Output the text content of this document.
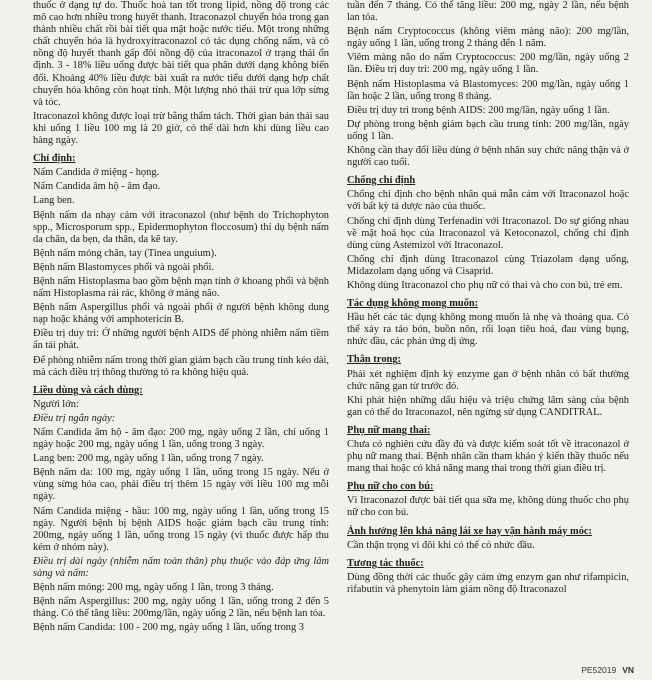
thuốc ở dạng tự do. Thuốc hoà tan tốt trong lipid, nồng độ trong các mô cao hơn nhiều trong huyết thanh. Itraconazol chuyển hóa trong gan thành nhiều chất rồi bài tiết qua mật hoặc nước tiểu. Một trong những chất chuyển hóa là hydroxyitraconazol có tác dụng chống nấm, và có nồng độ huyết thanh gấp đôi nồng độ của itraconazol ở trạng thái ổn định. 3 - 18% liều uống được bài tiết qua phân dưới dạng không biến đổi. Khoảng 40% liều được bài xuất ra nước tiểu dưới dạng hợp chất chuyển hóa không còn hoạt tính. Một lượng nhỏ thải trừ qua lớp sừng và tóc.
Itraconazol không được loại trừ bằng thẩm tách. Thời gian bán thải sau khi uống 1 liều 100 mg là 20 giờ, có thể dài hơn khi dùng liều cao hàng ngày.
Chỉ định:
Nấm Candida ở miệng - họng.
Nấm Candida âm hộ - âm đạo.
Lang ben.
Bệnh nấm da nhạy cảm với itraconazol (như bệnh do Trichophyton spp., Microsporum spp., Epidermophyton floccosum) thí dụ bệnh nấm da chân, da bẹn, da thân, da kẽ tay.
Bệnh nấm móng chân, tay (Tinea unguium).
Bệnh nấm Blastomyces phổi và ngoài phổi.
Bệnh nấm Histoplasma bao gồm bệnh mạn tính ở khoang phổi và bệnh nấm Histoplasma rải rác, không ở màng não.
Bệnh nấm Aspergillus phổi và ngoài phổi ở người bệnh không dung nạp hoặc kháng với amphotericin B.
Điều trị duy trì: Ở những người bệnh AIDS để phòng nhiễm nấm tiềm ẩn tái phát.
Để phòng nhiễm nấm trong thời gian giảm bạch cầu trung tính kéo dài, mà cách điều trị thông thường tỏ ra không hiệu quả.
Liều dùng và cách dùng:
Người lớn:
Điều trị ngắn ngày:
Nấm Candida âm hộ - âm đạo: 200 mg, ngày uống 2 lần, chỉ uống 1 ngày hoặc 200 mg, ngày uống 1 lần, uống trong 3 ngày.
Lang ben: 200 mg, ngày uống 1 lần, uống trong 7 ngày.
Bệnh nấm da: 100 mg, ngày uống 1 lần, uống trong 15 ngày. Nếu ở vùng sừng hóa cao, phải điều trị thêm 15 ngày với liều 100 mg mỗi ngày.
Nấm Candida miệng - hầu: 100 mg, ngày uống 1 lần, uống trong 15 ngày. Người bệnh bị bệnh AIDS hoặc giảm bạch cầu trung tính: 200mg, ngày uống 1 lần, uống trong 15 ngày (vì thuốc được hấp thu kém ở nhóm này).
Điều trị dài ngày (nhiễm nấm toàn thân) phụ thuộc vào đáp ứng lâm sàng và nấm:
Bệnh nấm móng: 200 mg, ngày uống 1 lần, trong 3 tháng.
Bệnh nấm Aspergillus: 200 mg, ngày uống 1 lần, uống trong 2 đến 5 tháng. Có thể tăng liều: 200mg/lần, ngày uống 2 lần, nếu bệnh lan tỏa.
Bệnh nấm Candida: 100 - 200 mg, ngày uống 1 lần, uống trong 3
tuần đến 7 tháng. Có thể tăng liều: 200 mg, ngày 2 lần, nếu bệnh lan tỏa.
Bệnh nấm Cryptococcus (không viêm màng não): 200 mg/lần, ngày uống 1 lần, uống trong 2 tháng đến 1 năm.
Viêm màng não do nấm Cryptococcus: 200 mg/lần, ngày uống 2 lần. Điều trị duy trì: 200 mg, ngày uống 1 lần.
Bệnh nấm Histoplasma và Blastomyces: 200 mg/lần, ngày uống 1 lần hoặc 2 lần, uống trong 8 tháng.
Điều trị duy trì trong bệnh AIDS: 200 mg/lần, ngày uống 1 lần.
Dự phòng trong bệnh giảm bạch cầu trung tính: 200 mg/lần, ngày uống 1 lần.
Không cần thay đổi liều dùng ở bệnh nhân suy chức năng thận và ở người cao tuổi.
Chống chỉ định
Chống chỉ định cho bệnh nhân quá mẫn cảm với Itraconazol hoặc với bất kỳ tá dược nào của thuốc.
Chống chỉ định dùng Terfenadin với Itraconazol. Do sự giống nhau về mặt hoá học của Itraconazol và Ketoconazol, chống chỉ định dùng cùng Astemizol với Itraconazol.
Chống chỉ định dùng Itraconazol cùng Triazolam dạng uống, Midazolam dạng uống và Cisaprid.
Không dùng Itraconazol cho phụ nữ có thai và cho con bú, trẻ em.
Tác dụng không mong muốn:
Hầu hết các tác dụng không mong muốn là nhẹ và thoáng qua. Có thể xảy ra táo bón, buồn nôn, rối loạn tiêu hoá, đau vùng bụng, nhức đầu, các phản ứng dị ứng.
Thận trọng:
Phải xét nghiệm định kỳ enzyme gan ở bệnh nhân có bất thường chức năng gan từ trước đó.
Khi phát hiện những dấu hiệu và triệu chứng lâm sàng của bệnh gan có thể do Itraconazol, nên ngừng sử dụng CANDITRAL.
Phụ nữ mang thai:
Chưa có nghiên cứu đầy đủ và được kiểm soát tốt về itraconazol ở phụ nữ mang thai. Bệnh nhân cần tham khảo ý kiến thầy thuốc nếu mang thai hoặc có khả năng mang thai trong thời gian điều trị.
Phụ nữ cho con bú:
Vì Itraconazol được bài tiết qua sữa mẹ, không dùng thuốc cho phụ nữ cho con bú.
Ảnh hưởng lên khả năng lái xe hay vận hành máy móc:
Cần thận trọng vì đôi khi có thể có nhức đầu.
Tương tác thuốc:
Dùng đồng thời các thuốc gây cảm ứng enzym gan như rifampicin, rifabutin và phenytoin làm giảm nồng độ Itraconazol
PE52019 VN
